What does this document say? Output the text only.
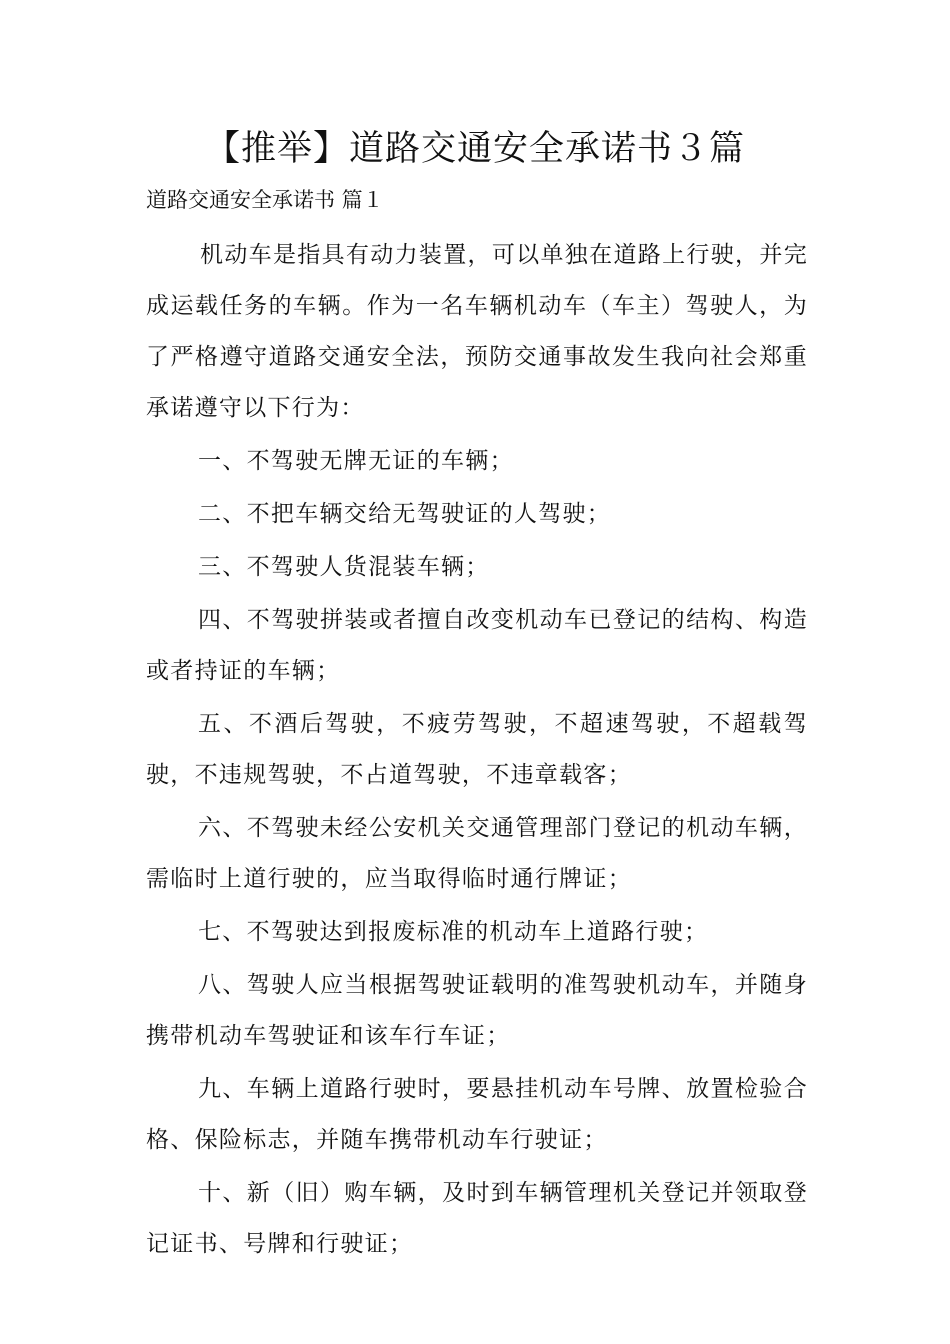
【推举】道路交通安全承诺书３篇

道路交通安全承诺书 篇１

机动车是指具有动力装置，可以单独在道路上行驶，并完成运载任务的车辆。作为一名车辆机动车（车主）驾驶人，为了严格遵守道路交通安全法，预防交通事故发生我向社会郑重承诺遵守以下行为：

一、不驾驶无牌无证的车辆；

二、不把车辆交给无驾驶证的人驾驶；

三、不驾驶人货混装车辆；

四、不驾驶拼装或者擅自改变机动车已登记的结构、构造或者持证的车辆；

五、不酒后驾驶，不疲劳驾驶，不超速驾驶，不超载驾驶，不违规驾驶，不占道驾驶，不违章载客；

六、不驾驶未经公安机关交通管理部门登记的机动车辆，需临时上道行驶的，应当取得临时通行牌证；

七、不驾驶达到报废标准的机动车上道路行驶；

八、驾驶人应当根据驾驶证载明的准驾驶机动车，并随身携带机动车驾驶证和该车行车证；

九、车辆上道路行驶时，要悬挂机动车号牌、放置检验合格、保险标志，并随车携带机动车行驶证；

十、新（旧）购车辆，及时到车辆管理机关登记并领取登记证书、号牌和行驶证；
